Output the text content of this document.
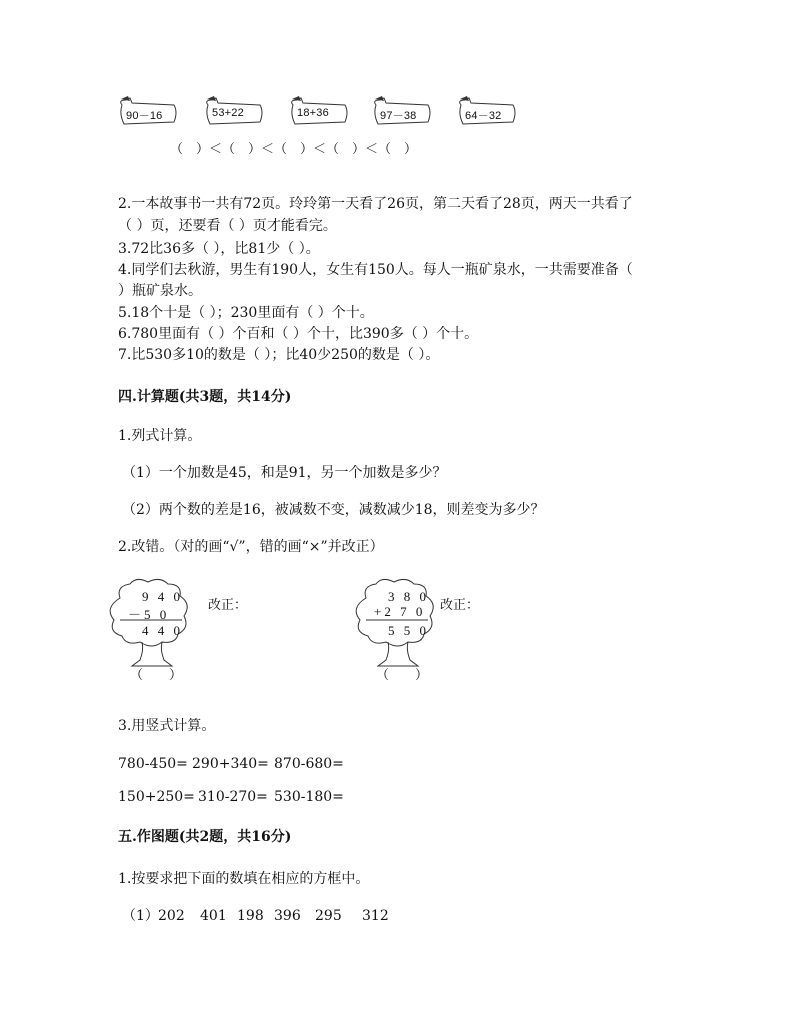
90－16	53+22	18+36	97－38	64－32
（　）＜（　）＜（　）＜（　）＜（　）
2.一本故事书一共有72页。玲玲第一天看了26页，第二天看了28页，两天一共看了
（ ）页，还要看（ ）页才能看完。
3.72比36多（ ），比81少（ ）。
4.同学们去秋游，男生有190人，女生有150人。每人一瓶矿泉水，一共需要准备（
）瓶矿泉水。
5.18个十是（ ）；230里面有（ ）个十。
6.780里面有（ ）个百和（ ）个十，比390多（ ）个十。
7.比530多10的数是（ ）；比40少250的数是（ ）。
四.计算题(共3题，共14分)
1.列式计算。
（1）一个加数是45，和是91，另一个加数是多少？
（2）两个数的差是16，被减数不变，减数减少18，则差变为多少？
2.改错。（对的画“√”，错的画“×”并改正）
9 4 0
－5 0
4 4 0
（　　）
改正：
3 8 0
+2 7 0
5 5 0
（　　）
改正：
3.用竖式计算。
780-450= 290+340= 870-680=
150+250= 310-270= 530-180=
五.作图题(共2题，共16分)
1.按要求把下面的数填在相应的方框中。
（1） 202 401 198 396 295 312
